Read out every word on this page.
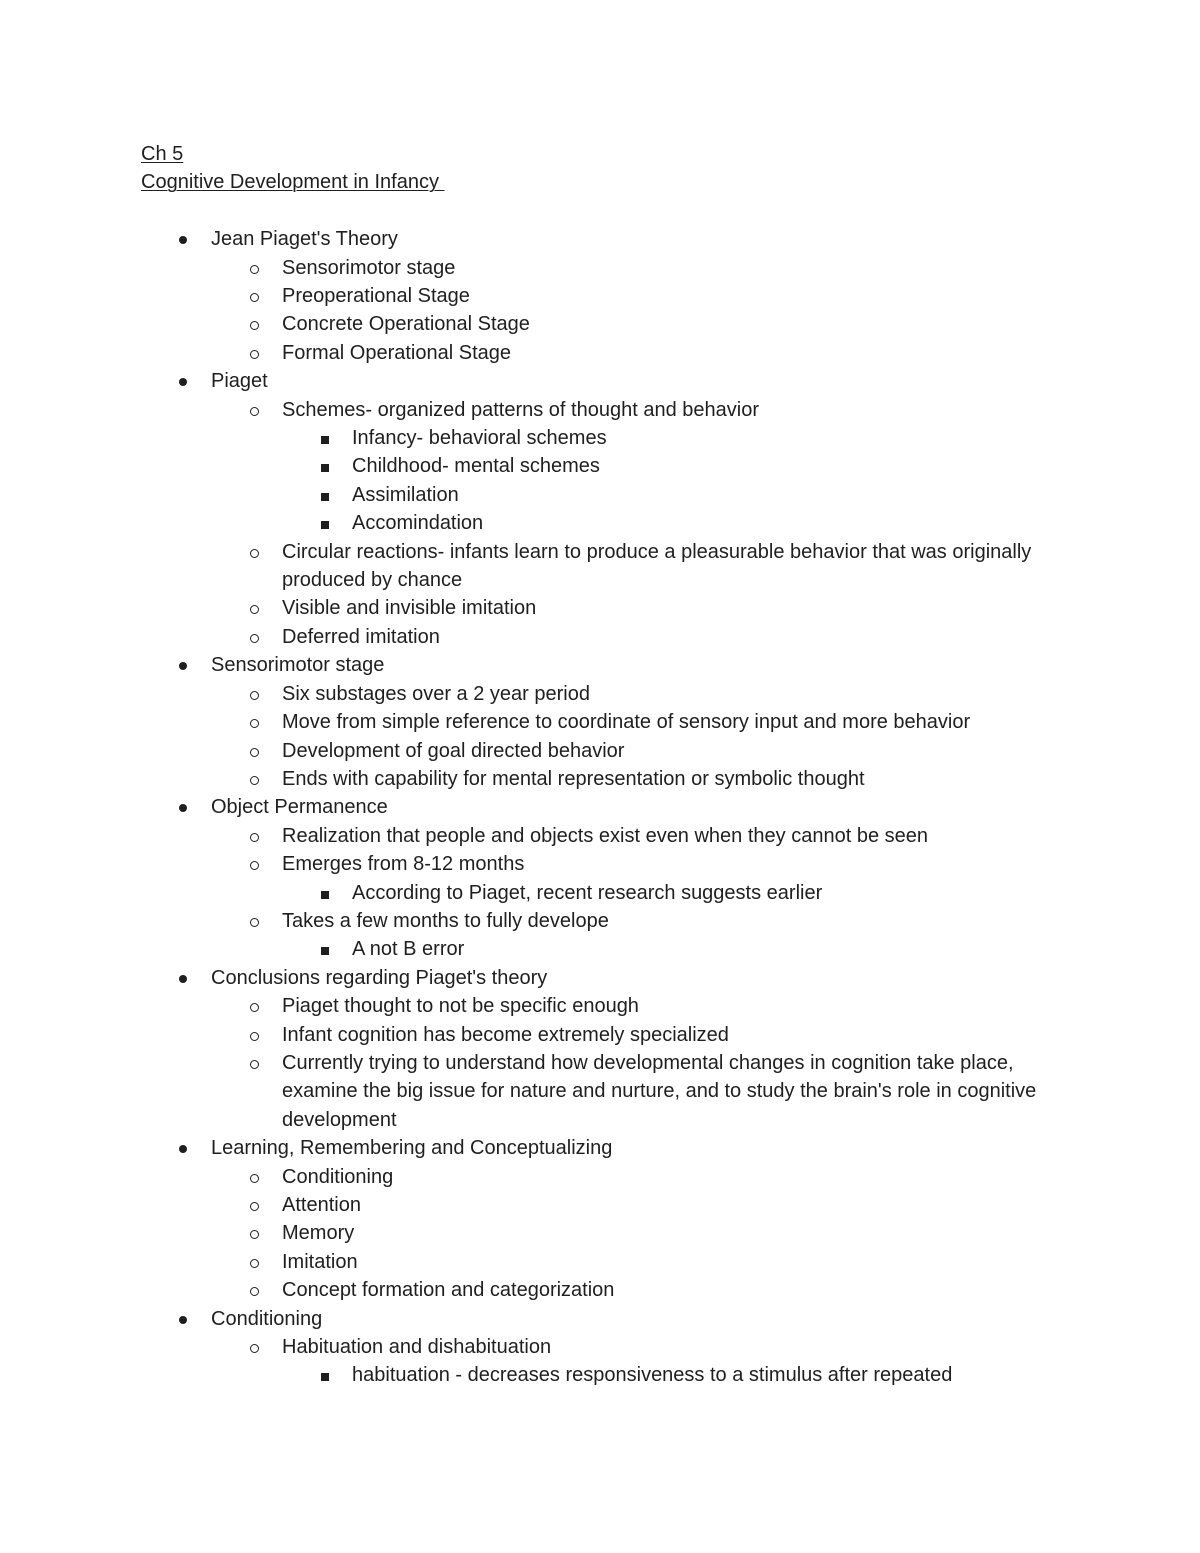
Ch 5
Cognitive Development in Infancy
Jean Piaget's Theory
Sensorimotor stage
Preoperational Stage
Concrete Operational Stage
Formal Operational Stage
Piaget
Schemes- organized patterns of thought and behavior
Infancy- behavioral schemes
Childhood- mental schemes
Assimilation
Accomindation
Circular reactions- infants learn to produce a pleasurable behavior that was originally produced by chance
Visible and invisible imitation
Deferred imitation
Sensorimotor stage
Six substages over a 2 year period
Move from simple reference to coordinate of sensory input and more behavior
Development of goal directed behavior
Ends with capability for mental representation or symbolic thought
Object Permanence
Realization that people and objects exist even when they cannot be seen
Emerges from 8-12 months
According to Piaget, recent research suggests earlier
Takes a few months to fully develope
A not B error
Conclusions regarding Piaget's theory
Piaget thought to not be specific enough
Infant cognition has become extremely specialized
Currently trying to understand how developmental changes in cognition take place, examine the big issue for nature and nurture, and to study the brain's role in cognitive development
Learning, Remembering and Conceptualizing
Conditioning
Attention
Memory
Imitation
Concept formation and categorization
Conditioning
Habituation and dishabituation
habituation - decreases responsiveness to a stimulus after repeated
